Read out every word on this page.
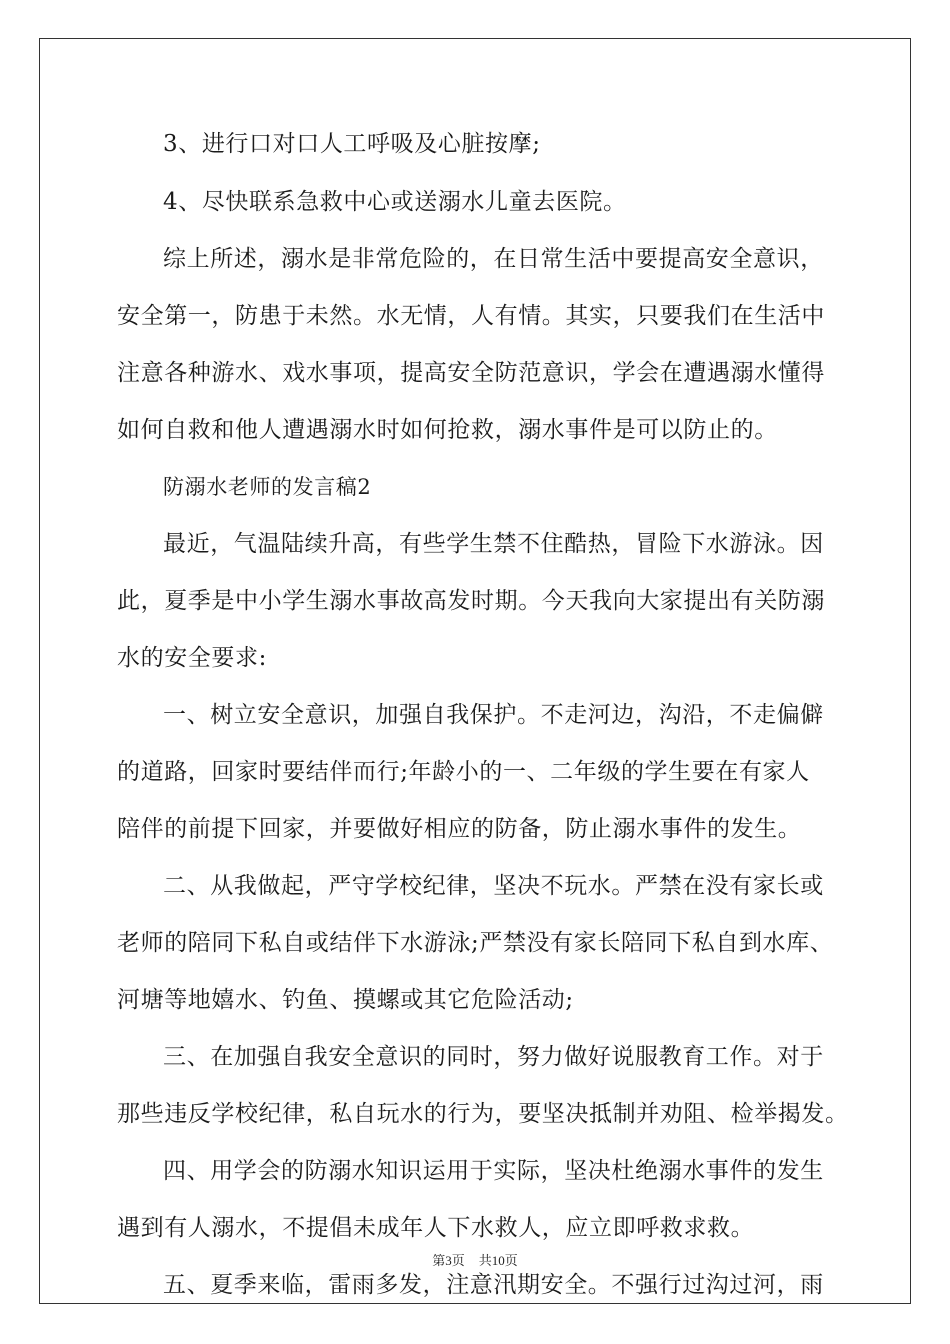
3、进行口对口人工呼吸及心脏按摩;
4、尽快联系急救中心或送溺水儿童去医院。
综上所述，溺水是非常危险的，在日常生活中要提高安全意识，
安全第一，防患于未然。水无情，人有情。其实，只要我们在生活中
注意各种游水、戏水事项，提高安全防范意识，学会在遭遇溺水懂得
如何自救和他人遭遇溺水时如何抢救，溺水事件是可以防止的。
防溺水老师的发言稿2
最近，气温陆续升高，有些学生禁不住酷热，冒险下水游泳。因
此，夏季是中小学生溺水事故高发时期。今天我向大家提出有关防溺
水的安全要求:
一、树立安全意识，加强自我保护。不走河边，沟沿，不走偏僻
的道路，回家时要结伴而行;年龄小的一、二年级的学生要在有家人
陪伴的前提下回家，并要做好相应的防备，防止溺水事件的发生。
二、从我做起，严守学校纪律，坚决不玩水。严禁在没有家长或
老师的陪同下私自或结伴下水游泳;严禁没有家长陪同下私自到水库、
河塘等地嬉水、钓鱼、摸螺或其它危险活动;
三、在加强自我安全意识的同时，努力做好说服教育工作。对于
那些违反学校纪律，私自玩水的行为，要坚决抵制并劝阻、检举揭发。
四、用学会的防溺水知识运用于实际，坚决杜绝溺水事件的发生
遇到有人溺水，不提倡未成年人下水救人，应立即呼救求救。
五、夏季来临，雷雨多发，注意汛期安全。不强行过沟过河，雨
第3页 共10页
